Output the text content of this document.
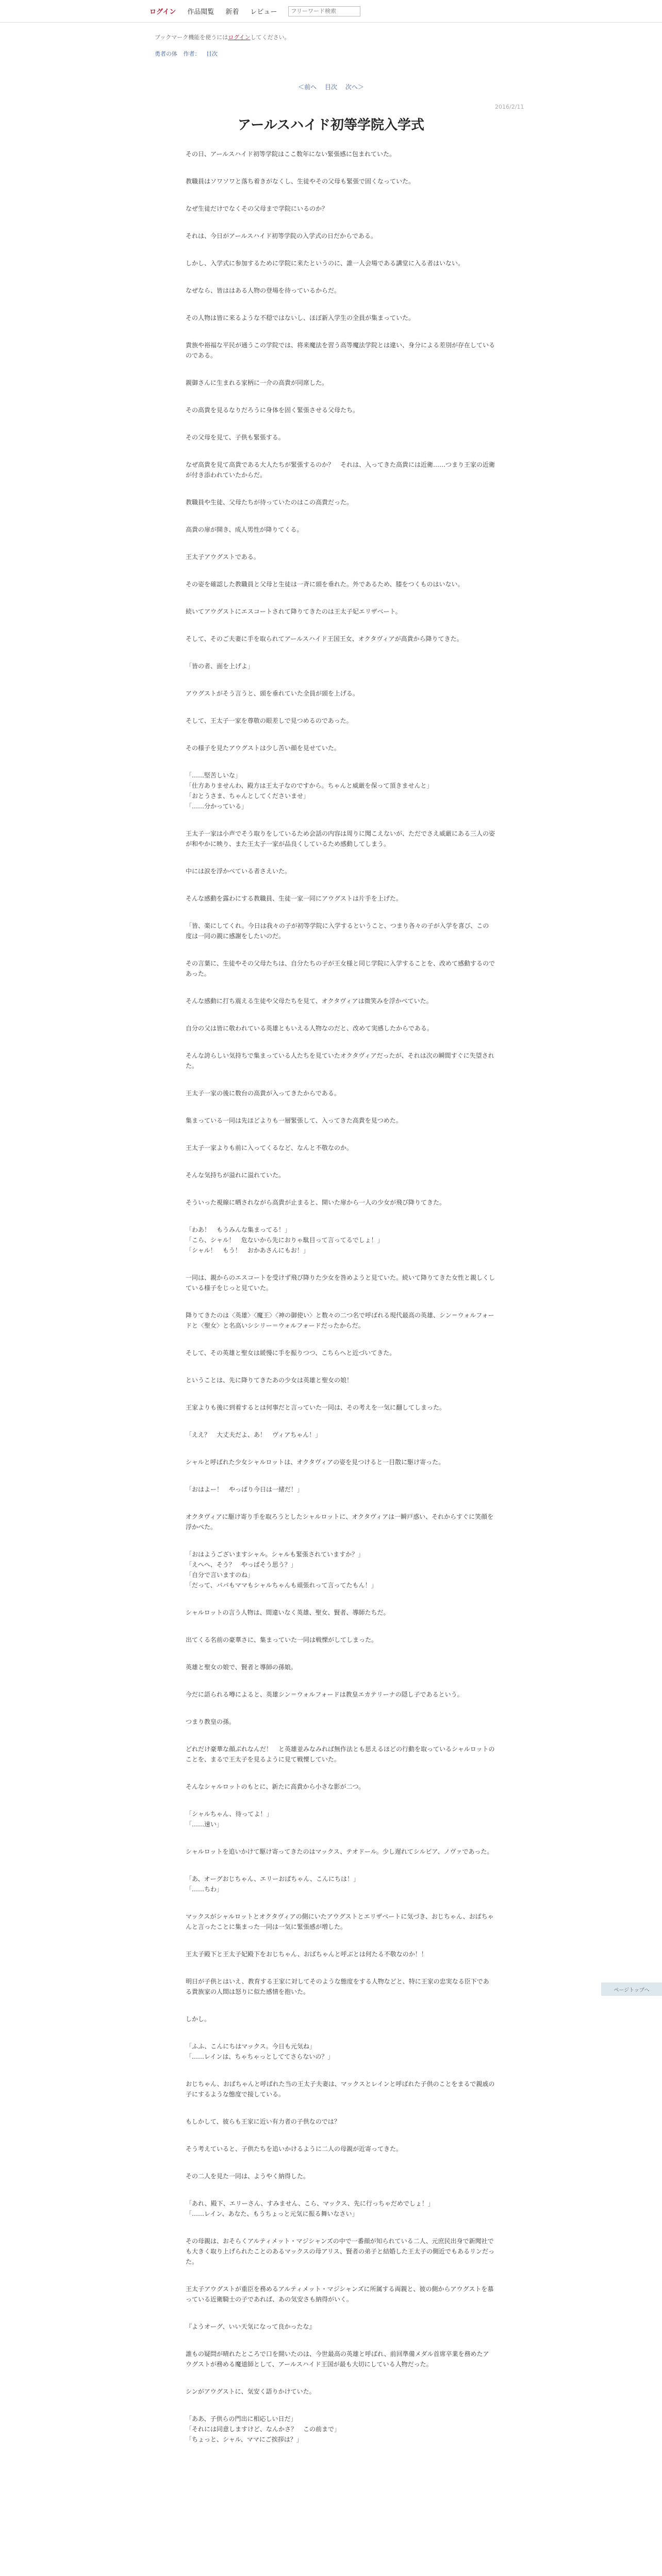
ログイン 作品閲覧 新着 レビュー
フリーワード検索
ブックマーク機能を使うにはログインしてください。
勇者の体 作者： 目次
＜前へ 目次 次へ＞
2016/2/11
アールスハイド初等学院入学式

その日、アールスハイド初等学院はここ数年にない緊張感に包まれていた。

教職員はソワソワと落ち着きがなくし、生徒やその父母も緊張で固くなっていた。

なぜ生徒だけでなくその父母まで学院にいるのか？

それは、今日がアールスハイド初等学院の入学式の日だからである。

しかし、入学式に参加するために学院に来たというのに、誰一人会場である講堂に入る者はいない。

なぜなら、皆ははある人物の登場を待っているからだ。

その人物は皆に来るような不穏ではないし、ほぼ新入学生の全員が集まっていた。

貴族や裕福な平民が通うこの学院では、将来魔法を習う高等魔法学院とは違い、身分による差別が存在しているのである。

親御さんに生まれる家柄に一介の高貴が同席した。

その高貴を見るなりだろうに身体を固く緊張させる父母たち。

その父母を見て、子供も緊張する。

なぜ高貴を見て高貴である大人たちが緊張するのか？　それは、入ってきた高貴には近衛……つまり王家の近衛が付き添われていたからだ。

教職員や生徒、父母たちが待っていたのはこの高貴だった。

高貴の扉が開き、成人男性が降りてくる。

王太子アウグストである。

その姿を確認した教職員と父母と生徒は一斉に頭を垂れた。外であるため、膝をつくものはいない。

続いてアウグストにエスコートされて降りてきたのは王太子妃エリザベート。

そして、そのご夫妻に手を取られてアールスハイド王国王女、オクタヴィアが高貴から降りてきた。

「皆の者、面を上げよ」

アウグストがそう言うと、頭を垂れていた全員が頭を上げる。

そして、王太子一家を尊敬の眼差しで見つめるのであった。

その様子を見たアウグストは少し苦い顔を見せていた。

「……堅苦しいな」
「仕方ありませんわ、殿方は王太子なのですから。ちゃんと威厳を保って頂きませんと」
「おとうさま、ちゃんとしてくださいませ」
「……分かっている」

王太子一家は小声でそう取りをしているため会話の内容は周りに聞こえないが、ただでさえ威厳にある三人の姿が和やかに映り、また王太子一家が品良くしているため感動してしまう。

中には涙を浮かべている者さえいた。

そんな感動を露わにする教職員、生徒一家一同にアウグストは片手を上げた。

「皆、楽にしてくれ。今日は我々の子が初等学院に入学するということ、つまり各々の子が入学を喜び、この度は一同の親に感謝をしたいのだ。

その言葉に、生徒やその父母たちは、自分たちの子が王女様と同じ学院に入学することを、改めて感動するのであった。

そんな感動に打ち震える生徒や父母たちを見て、オクタヴィアは微笑みを浮かべていた。

自分の父は皆に敬われている英雄ともいえる人物なのだと、改めて実感したからである。

そんな誇らしい気持ちで集まっている人たちを見ていたオクタヴィアだったが、それは次の瞬間すぐに失望された。

王太子一家の後に数台の高貴が入ってきたからである。

集まっている一同は先ほどよりも一層緊張して、入ってきた高貴を見つめた。

王太子一家よりも前に入ってくるなど、なんと不敬なのか。

そんな気持ちが溢れに溢れていた。

そういった視線に晒されながら高貴が止まると、開いた扉から一人の少女が飛び降りてきた。

「わあ！　もうみんな集まってる！」
「こら、シャル！　危ないから先におりゃ駄目って言ってるでしょ！」
「シャル！　もう！　おかあさんにもお！」

一同は、親からのエスコートを受けず飛び降りた少女を咎めようと見ていた。続いて降りてきた女性と親しくしている様子をじっと見ていた。

降りてきたのは〈英雄〉〈魔王〉〈神の御使い〉と数々の二つ名で呼ばれる現代最高の英雄、シン＝ウォルフォードと〈聖女〉と名高いシシリー＝ウォルフォードだったからだ。

そして、その英雄と聖女は緩慢に手を振りつつ、こちらへと近づいてきた。

ということは、先に降りてきたあの少女は英雄と聖女の娘！

王家よりも後に到着するとは何事だと言っていた一同は、その考えを一気に翻してしまった。

「ええ？　大丈夫だよ、あ！　ヴィアちゃん！」

シャルと呼ばれた少女シャルロットは、オクタヴィアの姿を見つけると一目散に駆け寄った。

「おはよー！　やっぱり今日は一緒だ！」

オクタヴィアに駆け寄り手を取ろうとしたシャルロットに、オクタヴィアは一瞬戸惑い、それからすぐに笑顔を浮かべた。

「おはようございますシャル。シャルも緊張されていますか？」
「えへへ、そう？　やっぱそう思う？」
「自分で言いますのね」
「だって、パパもママもシャルちゃんも頑張れって言ってたもん！」

シャルロットの言う人物は、間違いなく英雄、聖女、賢者、導師たちだ。

出てくる名前の豪華さに、集まっていた一同は戦慄がしてしまった。

英雄と聖女の娘で、賢者と導師の孫娘。

今だに語られる噂によると、英雄シン＝ウォルフォードは教皇エカテリーナの隠し子であるという。

つまり教皇の孫。

どれだけ豪華な顔ぶれなんだ！　と英雄並みなみれば無作法とも思えるほどの行動を取っているシャルロットのことを、まるで王太子を見るように見て戦慄していた。

そんなシャルロットのもとに、新たに高貴から小さな影が二つ。

「シャルちゃん、待ってよ！」
「……速い」

シャルロットを追いかけて駆け寄ってきたのはマックス、テオドール。少し遅れてシルビア、ノヴァであった。

「あ、オーグおじちゃん、エリーおばちゃん、こんにちは！」
「……ちわ」

マックスがシャルロットとオクタヴィアの側にいたアウグストとエリザベートに気づき、おじちゃん、おばちゃんと言ったことに集まった一同は一気に緊張感が増した。

王太子殿下と王太子妃殿下をおじちゃん、おばちゃんと呼ぶとは何たる不敬なのか！！

明日が子供とはいえ、教育する王家に対してそのような態度をする人物などと、特に王家の忠実なる臣下である貴族家の人間は怒りに似た感情を抱いた。

しかし。

「ふふ、こんにちはマックス。今日も元気ね」
「……レインは、ちゃちゃっとしててさらないの？」

おじちゃん、おばちゃんと呼ばれた当の王太子夫妻は、マックスとレインと呼ばれた子供のことをまるで親戚の子にするような態度で接している。

もしかして、彼らも王家に近い有力者の子供なのでは？

そう考えていると、子供たちを追いかけるように二人の母親が近寄ってきた。

その二人を見た一同は、ようやく納得した。

「あれ、殿下、エリーさん、すみません、こら、マックス、先に行っちゃだめでしょ！」
「……レイン、あなた、もうちょっと元気に振る舞いなさい」

その母親は、おそらくアルティメット・マジシャンズの中で一番顔が知られている二人、元庶民出身で新聞社でも大きく取り上げられたことのあるマックスの母アリス、賢者の弟子と結婚した王太子の側近でもあるリンだった。

王太子アウグストが重臣を務めるアルティメット・マジシャンズに所属する両親と、彼の側からアウグストを慕っている近衛騎士の子であれば、あの気安さも納得がいく。

『ようオーグ、いい天気になって良かったな』

誰もの疑問が晴れたところで口を開いたのは、今世最高の英雄と呼ばれ、前回準備メダル首席卒業を務めたアウグストが務める魔道師として、アールスハイド王国が最も大切にしている人物だった。

シンがアウグストに、気安く語りかけていた。

「ああ、子供らの門出に相応しい日だ」
「それには同意しますけど、なんかさ？　この前まで」
「ちょっと、シャル、ママにご挨拶は？」

ページトップへ
